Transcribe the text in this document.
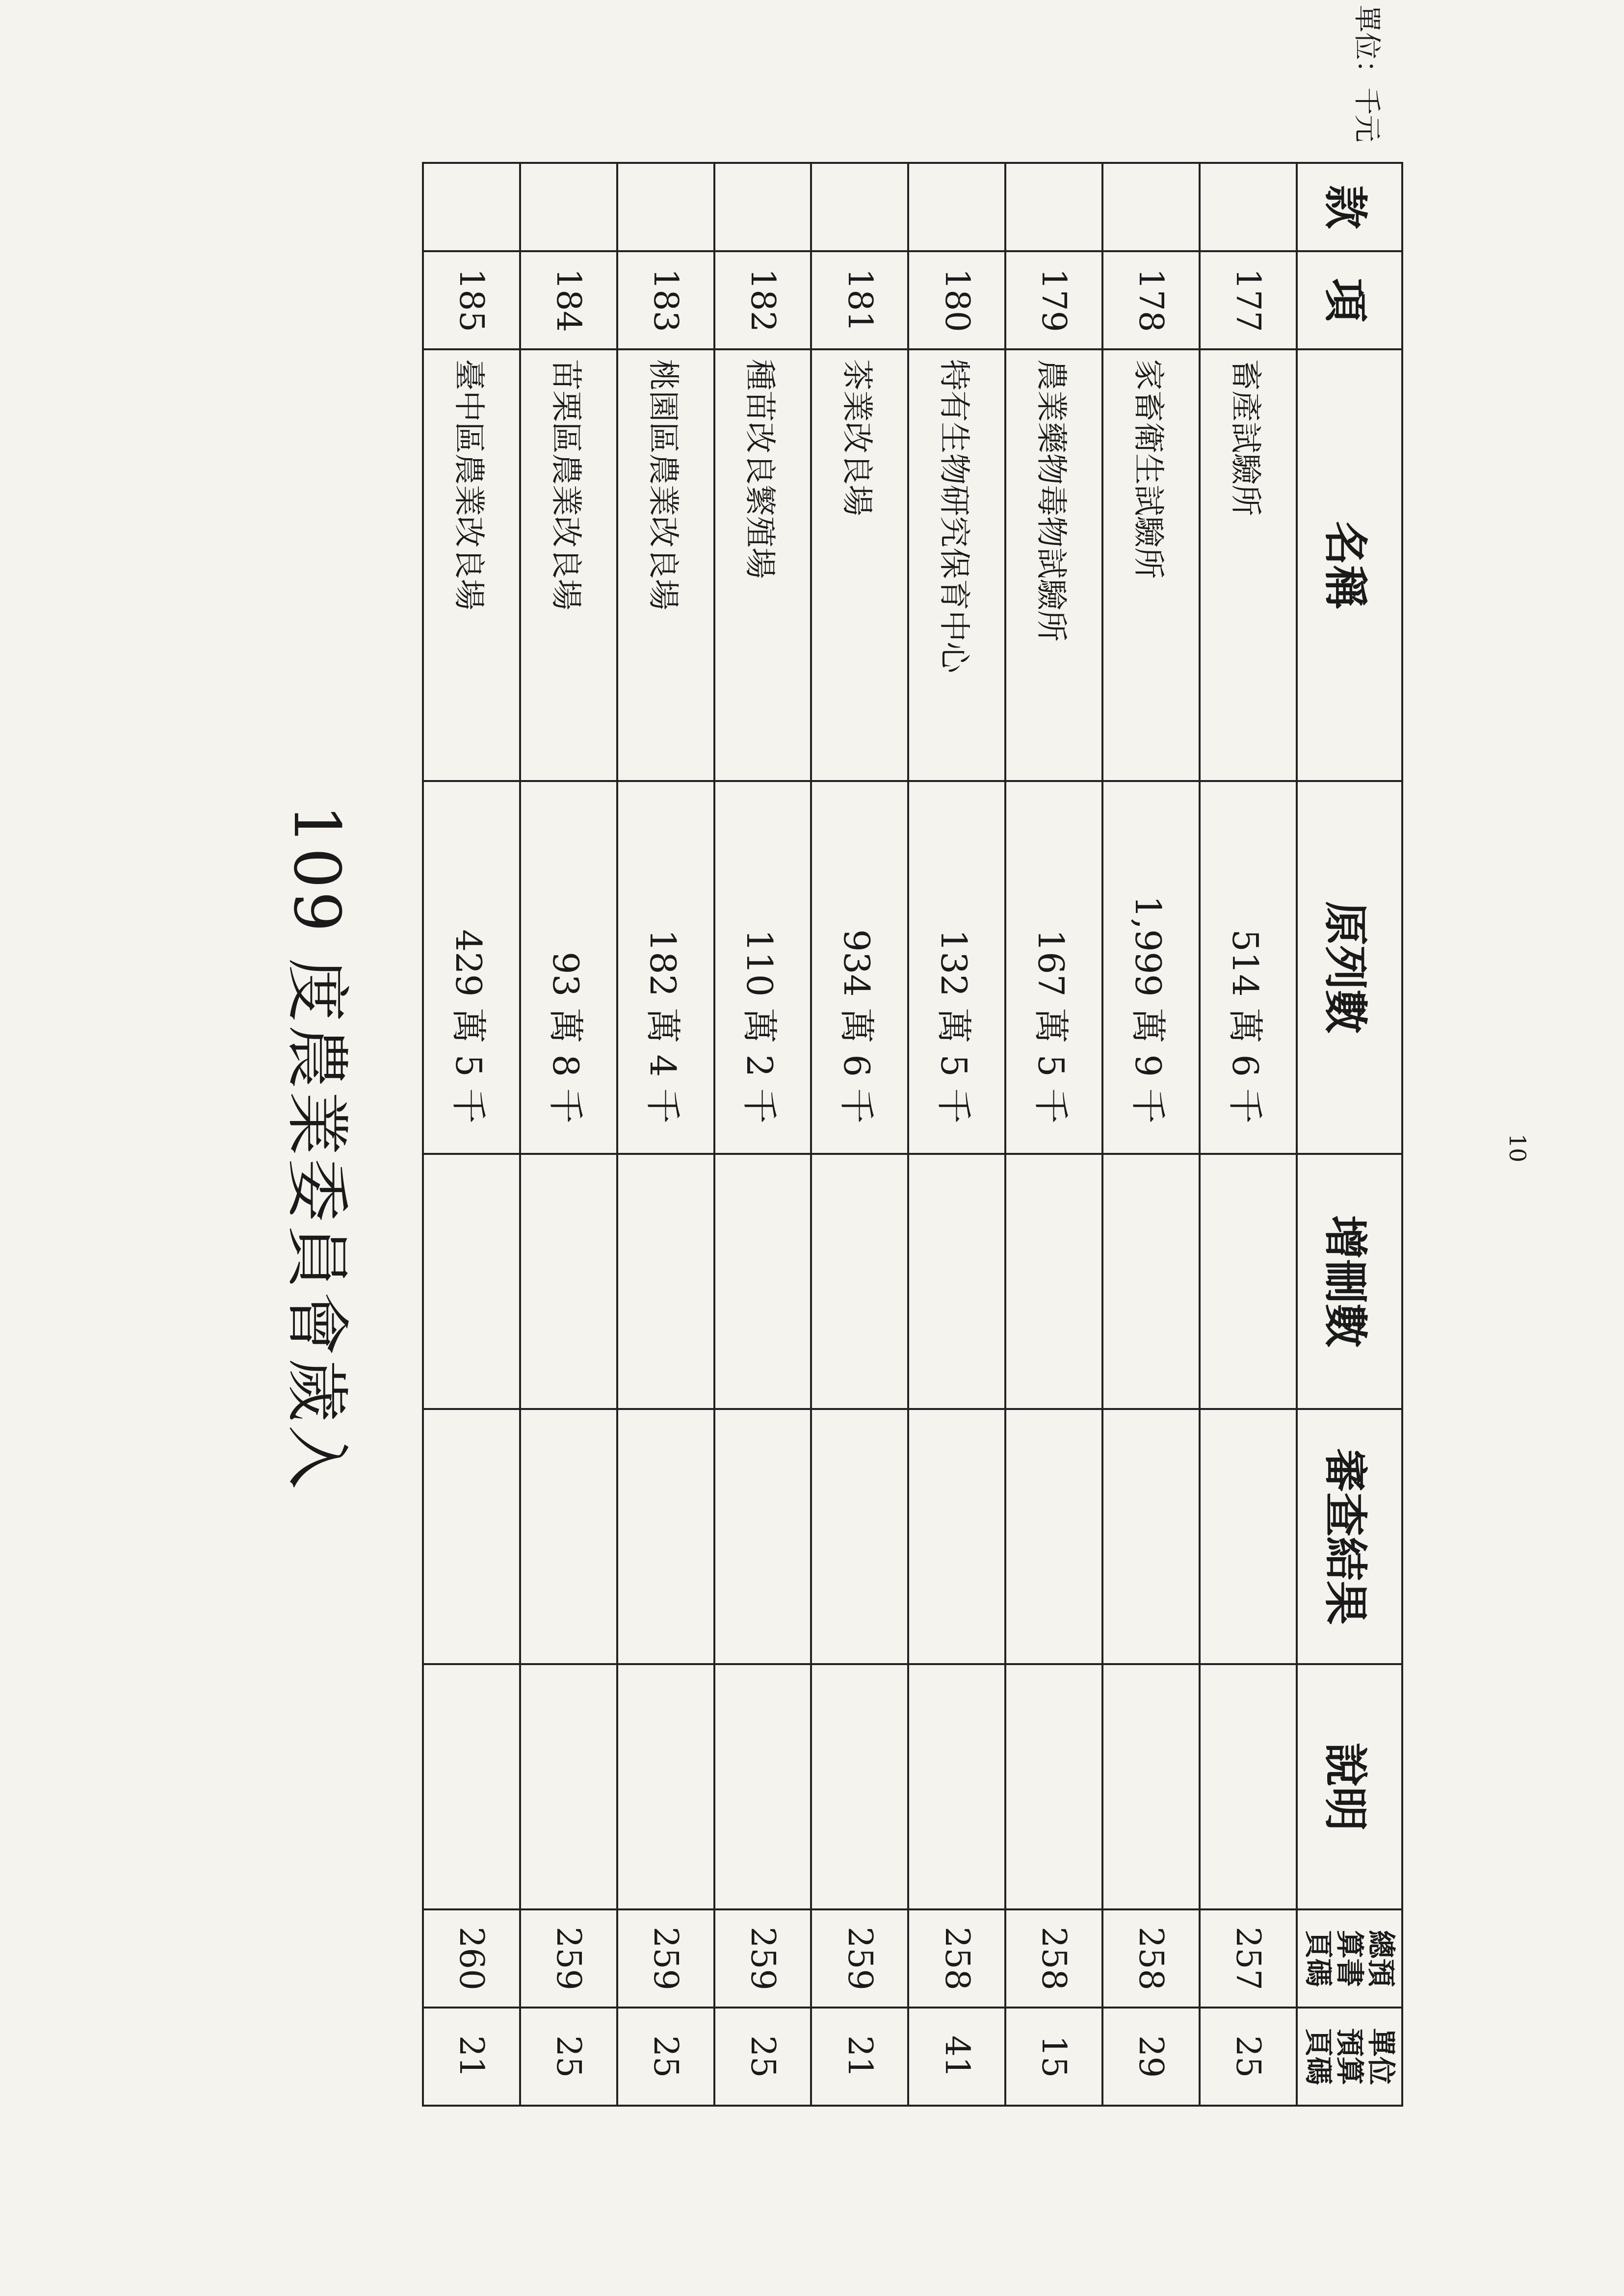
10
款	項	名稱	原列數	增刪數	審查結果	說明	總預算書頁碼	單位預算頁碼
	177	畜產試驗所	514 萬 6 千				257	25
	178	家畜衛生試驗所	1,999 萬 9 千				258	29
	179	農業藥物毒物試驗所	167 萬 5 千				258	15
	180	特有生物研究保育中心	132 萬 5 千				258	41
	181	茶業改良場	934 萬 6 千				259	21
	182	種苗改良繁殖場	110 萬 2 千				259	25
	183	桃園區農業改良場	182 萬 4 千				259	25
	184	苗栗區農業改良場	93 萬 8 千				259	25
	185	臺中區農業改良場	429 萬 5 千				260	21
109 度農業委員會歲入
單位：千元
